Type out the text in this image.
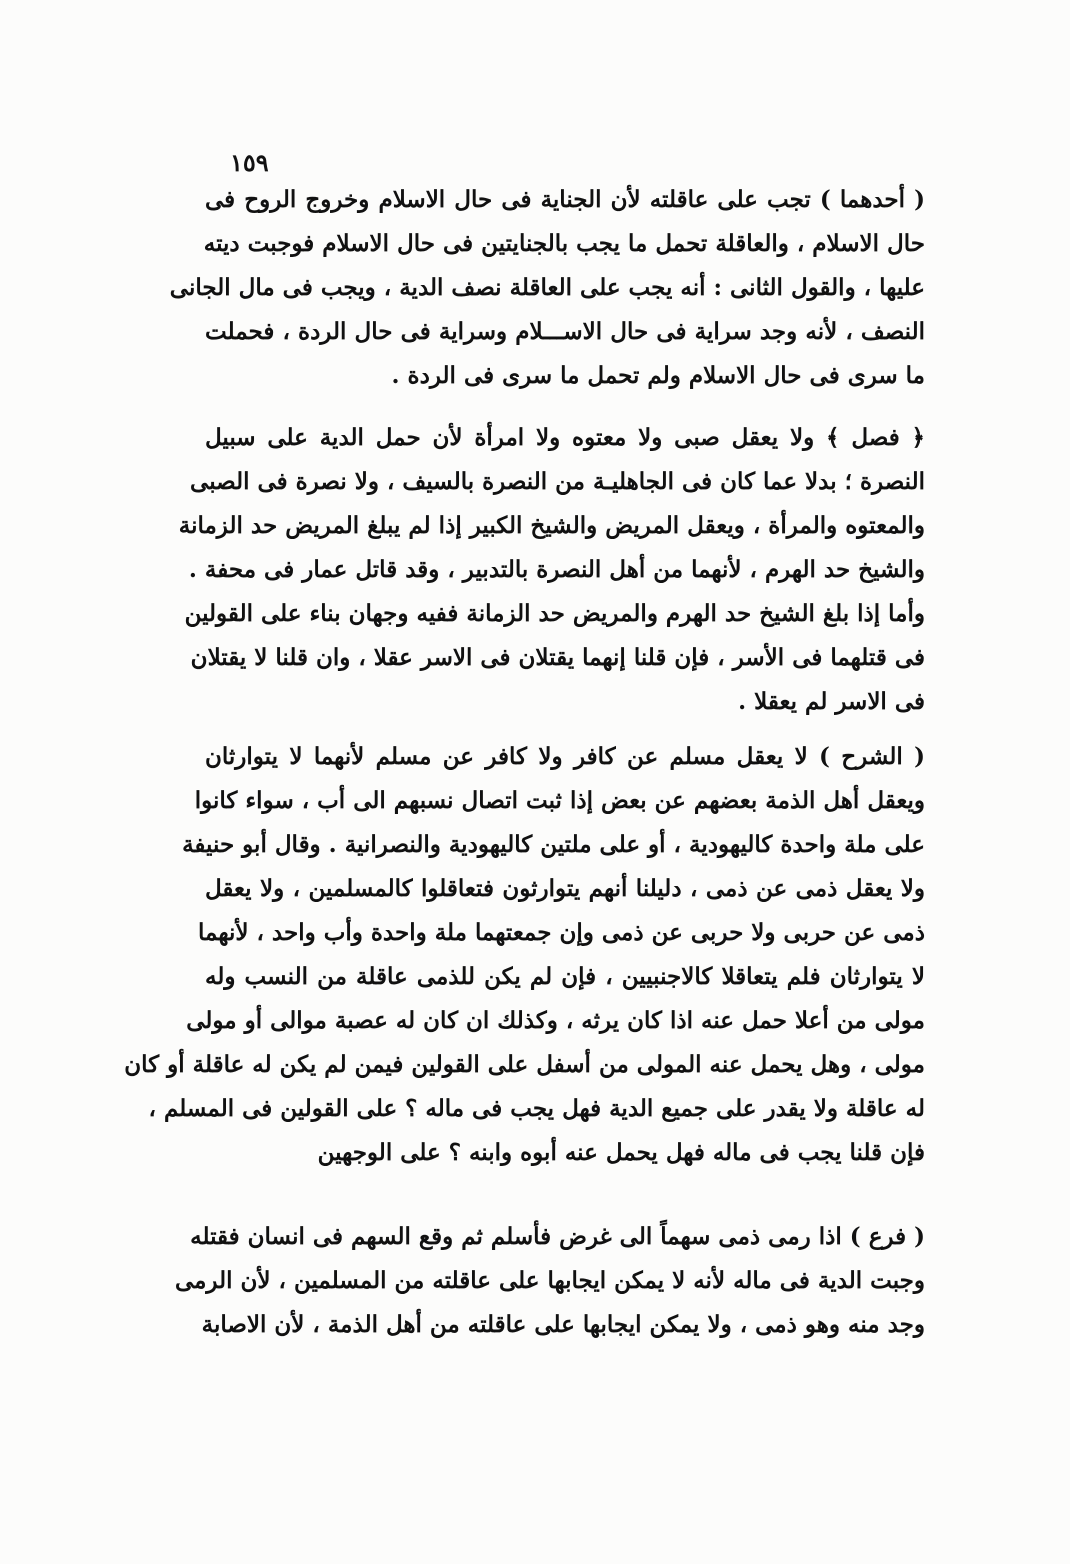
١٥٩
( أحدهما ) تجب على عاقلته لأن الجناية فى حال الاسلام وخروج الروح فى
حال الاسلام ، والعاقلة تحمل ما يجب بالجنايتين فى حال الاسلام فوجبت ديته
عليها ، والقول الثانى : أنه يجب على العاقلة نصف الدية ، ويجب فى مال الجانى
النصف ، لأنه وجد سراية فى حال الاســـلام وسراية فى حال الردة ، فحملت
ما سرى فى حال الاسلام ولم تحمل ما سرى فى الردة .
﴿ فصل ﴾ ولا يعقل صبى ولا معتوه ولا امرأة لأن حمل الدية على سبيل
النصرة ؛ بدلا عما كان فى الجاهليـة من النصرة بالسيف ، ولا نصرة فى الصبى
والمعتوه والمرأة ، ويعقل المريض والشيخ الكبير إذا لم يبلغ المريض حد الزمانة
والشيخ حد الهرم ، لأنهما من أهل النصرة بالتدبير ، وقد قاتل عمار فى محفة .
وأما إذا بلغ الشيخ حد الهرم والمريض حد الزمانة ففيه وجهان بناء على القولين
فى قتلهما فى الأسر ، فإن قلنا إنهما يقتلان فى الاسر عقلا ، وان قلنا لا يقتلان
فى الاسر لم يعقلا .
( الشرح ) لا يعقل مسلم عن كافر ولا كافر عن مسلم لأنهما لا يتوارثان
ويعقل أهل الذمة بعضهم عن بعض إذا ثبت اتصال نسبهم الى أب ، سواء كانوا
على ملة واحدة كاليهودية ، أو على ملتين كاليهودية والنصرانية . وقال أبو حنيفة
ولا يعقل ذمى عن ذمى ، دليلنا أنهم يتوارثون فتعاقلوا كالمسلمين ، ولا يعقل
ذمى عن حربى ولا حربى عن ذمى وإن جمعتهما ملة واحدة وأب واحد ، لأنهما
لا يتوارثان فلم يتعاقلا كالاجنبيين ، فإن لم يكن للذمى عاقلة من النسب وله
مولى من أعلا حمل عنه اذا كان يرثه ، وكذلك ان كان له عصبة موالى أو مولى
مولى ، وهل يحمل عنه المولى من أسفل على القولين فيمن لم يكن له عاقلة أو كان
له عاقلة ولا يقدر على جميع الدية فهل يجب فى ماله ؟ على القولين فى المسلم ،
فإن قلنا يجب فى ماله فهل يحمل عنه أبوه وابنه ؟ على الوجهين
( فرع ) اذا رمى ذمى سهماً الى غرض فأسلم ثم وقع السهم فى انسان فقتله
وجبت الدية فى ماله لأنه لا يمكن ايجابها على عاقلته من المسلمين ، لأن الرمى
وجد منه وهو ذمى ، ولا يمكن ايجابها على عاقلته من أهل الذمة ، لأن الاصابة
